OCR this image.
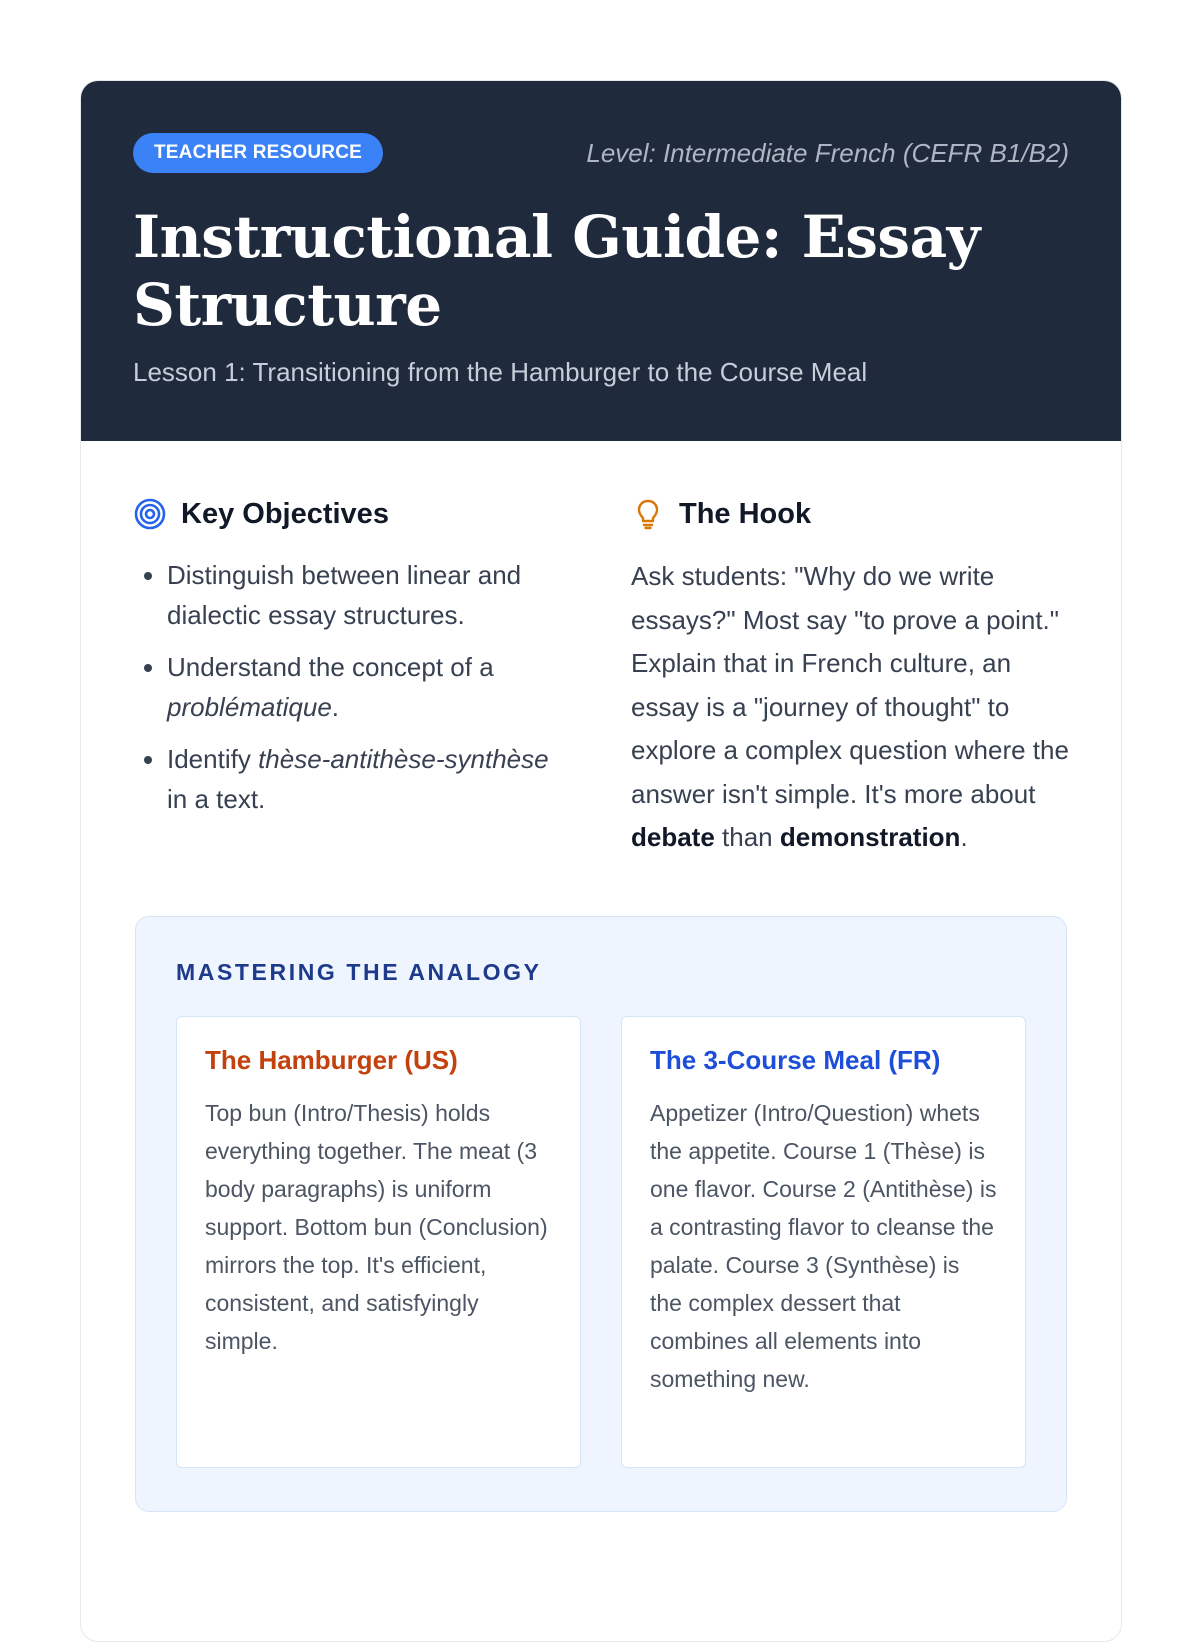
TEACHER RESOURCE	Level: Intermediate French (CEFR B1/B2)
Instructional Guide: Essay Structure
Lesson 1: Transitioning from the Hamburger to the Course Meal
Key Objectives
• Distinguish between linear and dialectic essay structures.
• Understand the concept of a problématique.
• Identify thèse-antithèse-synthèse in a text.
The Hook

Ask students: "Why do we write essays?" Most say "to prove a point." Explain that in French culture, an essay is a "journey of thought" to explore a complex question where the answer isn't simple. It's more about debate than demonstration.

MASTERING THE ANALOGY
The Hamburger (US)

Top bun (Intro/Thesis) holds everything together. The meat (3 body paragraphs) is uniform support. Bottom bun (Conclusion) mirrors the top. It's efficient, consistent, and satisfyingly simple.

The 3-Course Meal (FR)

Appetizer (Intro/Question) whets the appetite. Course 1 (Thèse) is one flavor. Course 2 (Antithèse) is a contrasting flavor to cleanse the palate. Course 3 (Synthèse) is the complex dessert that combines all elements into something new.
